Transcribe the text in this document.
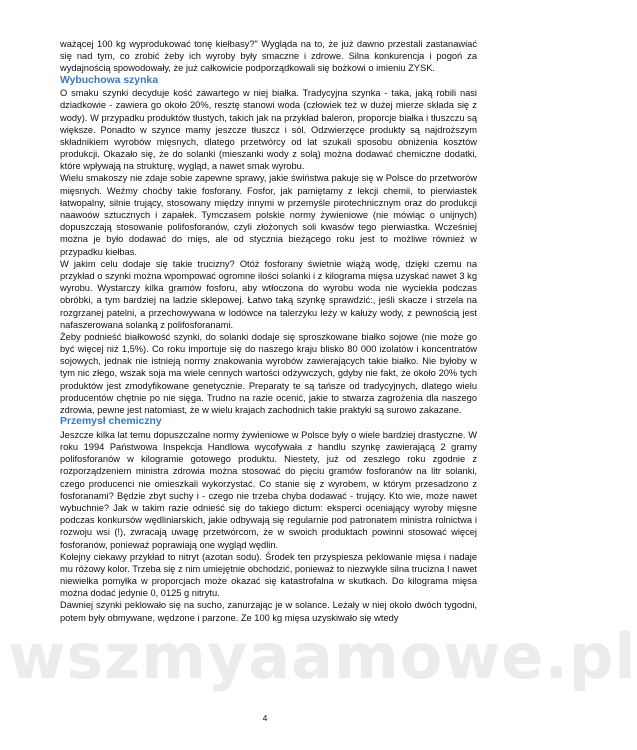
wszmyaamowe.pl

ważącej 100 kg wyprodukować tonę kiełbasy?" Wygląda na to, że już dawno przestali zastanawiać się nad tym, co zrobić żeby ich wyroby były smaczne i zdrowe. Silna konkurencja i pogoń za wydajnością spowodowały, że już całkowicie podporządkowali się bożkowi o imieniu ZYSK.

Wybuchowa szynka

O smaku szynki decyduje kość zawartego w niej białka. Tradycyjna szynka - taka, jaką robili nasi dziadkowie - zawiera go około 20%, resztę stanowi woda (człowiek też w dużej mierze składa się z wody). W przypadku produktów tłustych, takich jak na przykład baleron, proporcje białka i tłuszczu są większe. Ponadto w szynce mamy jeszcze tłuszcz i sól. Odzwierzęce produkty są najdroższym składnikiem wyrobów mięsnych, dlatego przetwórcy od lat szukali sposobu obniżenia kosztów produkcji. Okazało się, że do solanki (mieszanki wody z solą) można dodawać chemiczne dodatki, które wpływają na strukturę, wygląd, a nawet smak wyrobu.

Wielu smakoszy nie zdaje sobie zapewne sprawy, jakie świństwa pakuje się w Polsce do przetworów mięsnych. Weźmy choćby takie fosforany. Fosfor, jak pamiętamy z lekcji chemii, to pierwiastek łatwopalny, silnie trujący, stosowany między innymi w przemyśle pirotechnicznym oraz do produkcji naawoów sztucznych i zapałek. Tymczasem polskie normy żywieniowe (nie mówiąc o unijnych) dopuszczają stosowanie polifosforanów, czyli złożonych soli kwasów tego pierwiastka. Wcześniej można je było dodawać do mięs, ale od stycznia bieżącego roku jest to możliwe również w przypadku kiełbas.

W jakim celu dodaje się takie trucizny? Otóż fosforany świetnie wiążą wodę, dzięki czemu na przykład o szynki można wpompować ogromne ilości solanki i z kilograma mięsa uzyskać nawet 3 kg wyrobu. Wystarczy kilka gramów fosforu, aby wtłoczona do wyrobu woda nie wyciekła podczas obróbki, a tym bardziej na ladzie sklepowej. Łatwo taką szynkę sprawdzić:, jeśli skacze i strzela na rozgrzanej patelni, a przechowywana w lodówce na talerzyku leży w kałuży wody, z pewnością jest nafaszerowana solanką z polifosforanami.

Żeby podnieść białkowość szynki, do solanki dodaje się sproszkowane białko sojowe (nie może go być więcej niż 1,5%). Co roku importuje się do naszego kraju blisko 80 000 izolatów i koncentratów sojowych, jednak nie istnieją normy znakowania wyrobów zawierających takie białko. Nie byłoby w tym nic złego, wszak soja ma wiele cennych wartości odżywczych, gdyby nie fakt, że około 20% tych produktów jest zmodyfikowane genetycznie. Preparaty te są tańsze od tradycyjnych, dlatego wielu producentów chętnie po nie sięga. Trudno na razie ocenić, jakie to stwarza zagrożenia dla naszego zdrowia, pewne jest natomiast, że w wielu krajach zachodnich takie praktyki są surowo zakazane.

Przemysł chemiczny

Jeszcze kilka lat temu dopuszczalne normy żywieniowe w Polsce były o wiele bardziej drastyczne. W roku 1994 Państwowa Inspekcja Handlowa wycofywała z handlu szynkę zawierającą 2 gramy polifosforanów w kilogramie gotowego produktu. Niestety, już od zeszłego roku zgodnie z rozporządzeniem ministra zdrowia można stosować do pięciu gramów fosforanów na litr solanki, czego producenci nie omieszkali wykorzystać. Co stanie się z wyrobem, w którym przesadzono z fosforanami? Będzie zbyt suchy i - czego nie trzeba chyba dodawać - trujący. Kto wie, może nawet wybuchnie? Jak w takim razie odnieść się do takiego dictum: eksperci oceniający wyroby mięsne podczas konkursów wędliniarskich, jakie odbywają się regularnie pod patronatem ministra rolnictwa i rozwoju wsi (!), zwracają uwagę przetwórcom, że w swoich produktach powinni stosować więcej fosforanów, ponieważ poprawiają one wygląd wędlin.

Kolejny ciekawy przykład to nitryt (azotan sodu). Środek ten przyspiesza peklowanie mięsa i nadaje mu różowy kolor. Trzeba się z nim umiejętnie obchodzić, ponieważ to niezwykle silna trucizna I nawet niewielka pomyłka w proporcjach może okazać się katastrofalna w skutkach. Do kilograma mięsa można dodać jedynie 0, 0125 g nitrytu.

Dawniej szynki peklowało się na sucho, zanurzając je w solance. Leżały w niej około dwóch tygodni, potem były obmywane, wędzone i parzone. Ze 100 kg mięsa uzyskiwało się wtedy

4
